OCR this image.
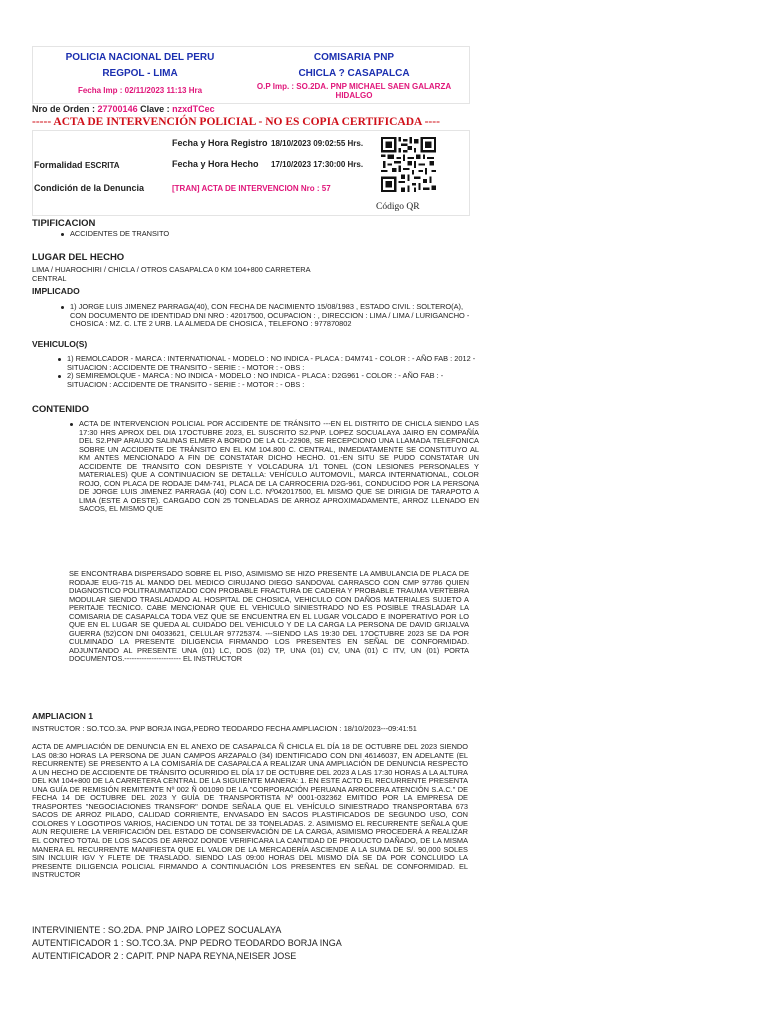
POLICIA NACIONAL DEL PERU
REGPOL - LIMA
Fecha Imp : 02/11/2023 11:13 Hra
COMISARIA PNP
CHICLA ? CASAPALCA
O.P Imp. : SO.2DA. PNP MICHAEL SAEN GALARZA
HIDALGO
Nro de Orden : 27700146 Clave : nzxdTCec
----- ACTA DE INTERVENCIÓN POLICIAL - NO ES COPIA CERTIFICADA ----
Fecha y Hora Registro 18/10/2023 09:02:55 Hrs.
Formalidad ESCRITA	Fecha y Hora Hecho 17/10/2023 17:30:00 Hrs.
Condición de la Denuncia	[TRAN] ACTA DE INTERVENCION Nro : 57
Código QR
TIPIFICACION
ACCIDENTES DE TRANSITO
LUGAR DEL HECHO
LIMA / HUAROCHIRI / CHICLA / OTROS CASAPALCA 0 KM 104+800 CARRETERA
CENTRAL
IMPLICADO
1) JORGE LUIS JIMENEZ PARRAGA(40), CON FECHA DE NACIMIENTO 15/08/1983 , ESTADO CIVIL : SOLTERO(A), CON DOCUMENTO DE IDENTIDAD DNI NRO : 42017500, OCUPACION : , DIRECCION : LIMA / LIMA / LURIGANCHO - CHOSICA : MZ. C. LTE 2 URB. LA ALMEDA DE CHOSICA , TELEFONO : 977870802
VEHICULO(S)
1) REMOLCADOR - MARCA : INTERNATIONAL - MODELO : NO INDICA - PLACA : D4M741 - COLOR : - AÑO FAB : 2012 - SITUACION : ACCIDENTE DE TRANSITO - SERIE : - MOTOR : - OBS :
2) SEMIREMOLQUE - MARCA : NO INDICA - MODELO : NO INDICA - PLACA : D2G961 - COLOR : - AÑO FAB : - SITUACION : ACCIDENTE DE TRANSITO - SERIE : - MOTOR : - OBS :
CONTENIDO
ACTA DE INTERVENCION POLICIAL POR ACCIDENTE DE TRÁNSITO ---EN EL DISTRITO DE CHICLA SIENDO LAS 17:30 HRS APROX DEL DIA 17OCTUBRE 2023, EL SUSCRITO S2.PNP. LOPEZ SOCUALAYA JAIRO EN COMPAÑÍA DEL S2.PNP ARAUJO SALINAS ELMER A BORDO DE LA CL-22908, SE RECEPCIONO UNA LLAMADA TELEFONICA SOBRE UN ACCIDENTE DE TRÁNSITO EN EL KM 104.800 C. CENTRAL, INMEDIATAMENTE SE CONSTITUYO AL KM ANTES MENCIONADO A FIN DE CONSTATAR DICHO HECHO. 01.-EN SITU SE PUDO CONSTATAR UN ACCIDENTE DE TRANSITO CON DESPISTE Y VOLCADURA 1/1 TONEL (CON LESIONES PERSONALES Y MATERIALES) QUE A CONTINUACION SE DETALLA: VEHÍCULO AUTOMOVIL, MARCA INTERNATIONAL, COLOR ROJO, CON PLACA DE RODAJE D4M-741, PLACA DE LA CARROCERIA D2G-961, CONDUCIDO POR LA PERSONA DE JORGE LUIS JIMENEZ PARRAGA (40) CON L.C. Nº042017500, EL MISMO QUE SE DIRIGIA DE TARAPOTO A LIMA (ESTE A OESTE). CARGADO CON 25 TONELADAS DE ARROZ APROXIMADAMENTE, ARROZ LLENADO EN SACOS, EL MISMO QUE
SE ENCONTRABA DISPERSADO SOBRE EL PISO, ASIMISMO SE HIZO PRESENTE LA AMBULANCIA DE PLACA DE RODAJE EUG-715 AL MANDO DEL MEDICO CIRUJANO DIEGO SANDOVAL CARRASCO CON CMP 97786 QUIEN DIAGNOSTICO POLITRAUMATIZADO CON PROBABLE FRACTURA DE CADERA Y PROBABLE TRAUMA VERTEBRA MODULAR SIENDO TRASLADADO AL HOSPITAL DE CHOSICA, VEHICULO CON DAÑOS MATERIALES SUJETO A PERITAJE TECNICO. CABE MENCIONAR QUE EL VEHICULO SINIESTRADO NO ES POSIBLE TRASLADAR LA COMISARIA DE CASAPALCA TODA VEZ QUE SE ENCUENTRA EN EL LUGAR VOLCADO E INOPERATIVO POR LO QUE EN EL LUGAR SE QUEDA AL CUIDADO DEL VEHICULO Y DE LA CARGA LA PERSONA DE DAVID GRIJALVA GUERRA (52)CON DNI 04033621, CELULAR 97725374. ---SIENDO LAS 19:30 DEL 17OCTUBRE 2023 SE DA POR CULMINADO LA PRESENTE DILIGENCIA FIRMANDO LOS PRESENTES EN SEÑAL DE CONFORMIDAD. ADJUNTANDO AL PRESENTE UNA (01) LC, DOS (02) TP, UNA (01) CV, UNA (01) C ITV, UN (01) PORTA DOCUMENTOS.----------------------- EL INSTRUCTOR
AMPLIACION 1
INSTRUCTOR : SO.TCO.3A. PNP BORJA INGA,PEDRO TEODARDO FECHA AMPLIACION : 18/10/2023---09:41:51
ACTA DE AMPLIACIÓN DE DENUNCIA EN EL ANEXO DE CASAPALCA Ñ CHICLA EL DÍA 18 DE OCTUBRE DEL 2023 SIENDO LAS 08:30 HORAS LA PERSONA DE JUAN CAMPOS ARZAPALO (34) IDENTIFICADO CON DNI 46146037, EN ADELANTE (EL RECURRENTE) SE PRESENTO A LA COMISARÍA DE CASAPALCA A REALIZAR UNA AMPLIACIÓN DE DENUNCIA RESPECTO A UN HECHO DE ACCIDENTE DE TRÁNSITO OCURRIDO EL DÍA 17 DE OCTUBRE DEL 2023 A LAS 17:30 HORAS A LA ALTURA DEL KM 104+800 DE LA CARRETERA CENTRAL DE LA SIGUIENTE MANERA: 1. EN ESTE ACTO EL RECURRENTE PRESENTA UNA GUÍA DE REMISIÓN REMITENTE Nº 002 Ñ 001090 DE LA "CORPORACIÓN PERUANA ARROCERA ATENCIÓN S.A.C." DE FECHA 14 DE OCTUBRE DEL 2023 Y GUÍA DE TRANSPORTISTA Nº 0001-032362 EMITIDO POR LA EMPRESA DE TRASPORTES "NEGOCIACIONES TRANSFOR" DONDE SEÑALA QUE EL VEHÍCULO SINIESTRADO TRANSPORTABA 673 SACOS DE ARROZ PILADO, CALIDAD CORRIENTE, ENVASADO EN SACOS PLASTIFICADOS DE SEGUNDO USO, CON COLORES Y LOGOTIPOS VARIOS, HACIENDO UN TOTAL DE 33 TONELADAS. 2. ASIMISMO EL RECURRENTE SEÑALA QUE AUN REQUIERE LA VERIFICACIÓN DEL ESTADO DE CONSERVACIÓN DE LA CARGA, ASIMISMO PROCEDERÁ A REALIZAR EL CONTEO TOTAL DE LOS SACOS DE ARROZ DONDE VERIFICARA LA CANTIDAD DE PRODUCTO DAÑADO, DE LA MISMA MANERA EL RECURRENTE MANIFIESTA QUE EL VALOR DE LA MERCADERÍA ASCIENDE A LA SUMA DE S/. 90,000 SOLES SIN INCLUIR IGV Y FLETE DE TRASLADO. SIENDO LAS 09:00 HORAS DEL MISMO DÍA SE DA POR CONCLUIDO LA PRESENTE DILIGENCIA POLICIAL FIRMANDO A CONTINUACIÓN LOS PRESENTES EN SEÑAL DE CONFORMIDAD. EL INSTRUCTOR
INTERVINIENTE : SO.2DA. PNP JAIRO LOPEZ SOCUALAYA
AUTENTIFICADOR 1 : SO.TCO.3A. PNP PEDRO TEODARDO BORJA INGA
AUTENTIFICADOR 2 : CAPIT. PNP NAPA REYNA,NEISER JOSE
